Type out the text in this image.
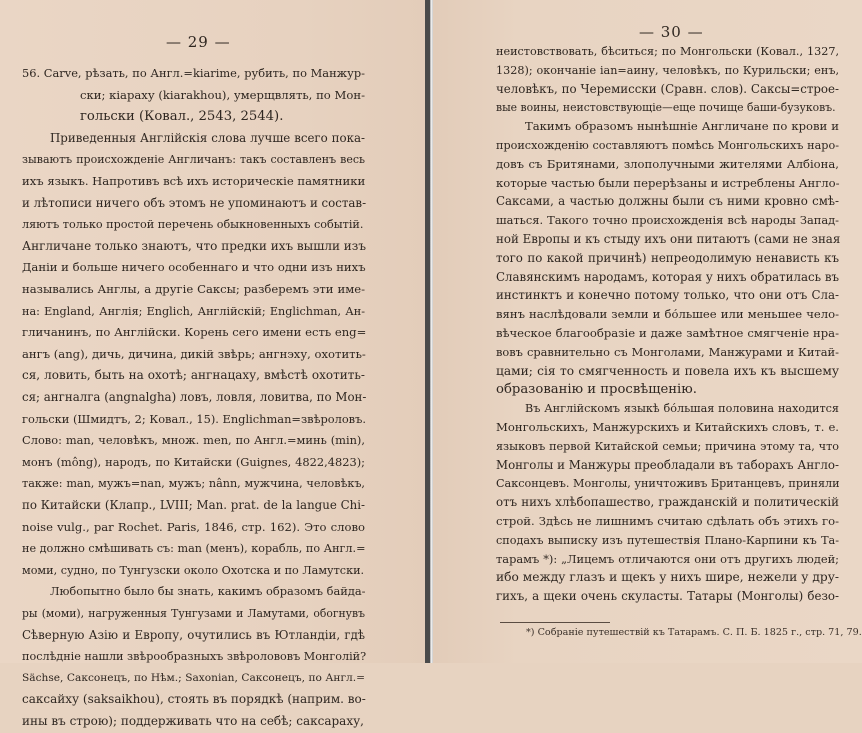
— 29 —
56. Carve, рѣзать, по Англ.=kiarime, рубить, по Манжур-
ски; кіараху (kiarakhou), умерщвлять, по Мон-
гольски (Ковал., 2543, 2544).
Приведенныя Англійскія слова лучше всего пока-
зываютъ происхожденіе Англичанъ: такъ составленъ весь
ихъ языкъ. Напротивъ всѣ ихъ историческіе памятники
и лѣтописи ничего объ этомъ не упоминаютъ и состав-
ляютъ только простой перечень обыкновенныхъ событій.
Англичане только знаютъ, что предки ихъ вышли изъ
Даніи и больше ничего особеннаго и что одни изъ нихъ
назывались Англы, а другіе Саксы; разберемъ эти име-
на: England, Англія; Englich, Англійскій; Englichman, Ан-
гличанинъ, по Англійски. Корень сего имени есть eng=
ангъ (ang), дичь, дичина, дикій звѣрь; ангнэху, охотить-
ся, ловить, быть на охотѣ; ангнацаху, вмѣстѣ охотить-
ся; ангналга (angnalgha) ловъ, ловля, ловитва, по Мон-
гольски (Шмидтъ, 2; Ковал., 15). Englichman=звѣроловъ.
Слово: man, человѣкъ, множ. men, по Англ.=минь (min),
монъ (mông), народъ, по Китайски (Guignes, 4822,4823);
также: man, мужъ=nan, мужъ; nânn, мужчина, человѣкъ,
по Китайски (Клапр., LVIII; Man. prat. de la langue Chi-
noise vulg., par Rochet. Paris, 1846, стр. 162). Это слово
не должно смѣшивать съ: man (менъ), корабль, по Англ.=
моми, судно, по Тунгузски около Охотска и по Ламутски.
Любопытно было бы знать, какимъ образомъ байда-
ры (моми), нагруженныя Тунгузами и Ламутами, обогнувъ
Сѣверную Азію и Европу, очутились въ Ютландіи, гдѣ
послѣдніе нашли звѣрообразныхъ звѣролововъ Монголій?
Sächse, Саксонецъ, по Нѣм.; Saxonian, Саксонецъ, по Англ.=
саксайху (saksaikhou), стоять въ порядкѣ (наприм. во-
ины въ строю); поддерживать что на себѣ; саксараху,
— 30 —
неистовствовать, бѣситься; по Монгольски (Ковал., 1327,
1328); окончаніе ian=аину, человѣкъ, по Курильски; енъ,
человѣкъ, по Черемисски (Сравн. слов). Саксы=строе-
вые воины, неистовствующіе—еще почище баши-бузуковъ.
Такимъ образомъ нынѣшніе Англичане по крови и
происхожденію составляютъ помѣсь Монгольскихъ наро-
довъ съ Бритянами, злополучными жителями Албіона,
которые частью были перерѣзаны и истреблены Англо-
Саксами, а частью должны были съ ними кровно смѣ-
шаться. Такого точно происхожденія всѣ народы Запад-
ной Европы и къ стыду ихъ они питаютъ (сами не зная
того по какой причинѣ) непреодолимую ненависть къ
Славянскимъ народамъ, которая у нихъ обратилась въ
инстинктъ и конечно потому только, что они отъ Сла-
вянъ наслѣдовали земли и бо́льшее или меньшее чело-
вѣческое благообразіе и даже замѣтное смягченіе нра-
вовъ сравнительно съ Монголами, Манжурами и Китай-
цами; сія то смягченность и повела ихъ къ высшему
образованію и просвѣщенію.
Въ Англійскомъ языкѣ бо́льшая половина находится
Монгольскихъ, Манжурскихъ и Китайскихъ словъ, т. е.
языковъ первой Китайской семьи; причина этому та, что
Монголы и Манжуры преобладали въ таборахъ Англо-
Саксонцевъ. Монголы, уничтоживъ Британцевъ, приняли
отъ нихъ хлѣбопашество, гражданскій и политическій
строй. Здѣсь не лишнимъ считаю сдѣлать объ этихъ го-
сподахъ выписку изъ путешествія Плано-Карпини къ Та-
тарамъ *): „Лицемъ отличаются они отъ другихъ людей;
ибо между глазъ и щекъ у нихъ шире, нежели у дру-
гихъ, а щеки очень скуласты. Татары (Монголы) безо-
*) Собраніе путешествій къ Татарамъ. С. П. Б. 1825 г., стр. 71, 79.
